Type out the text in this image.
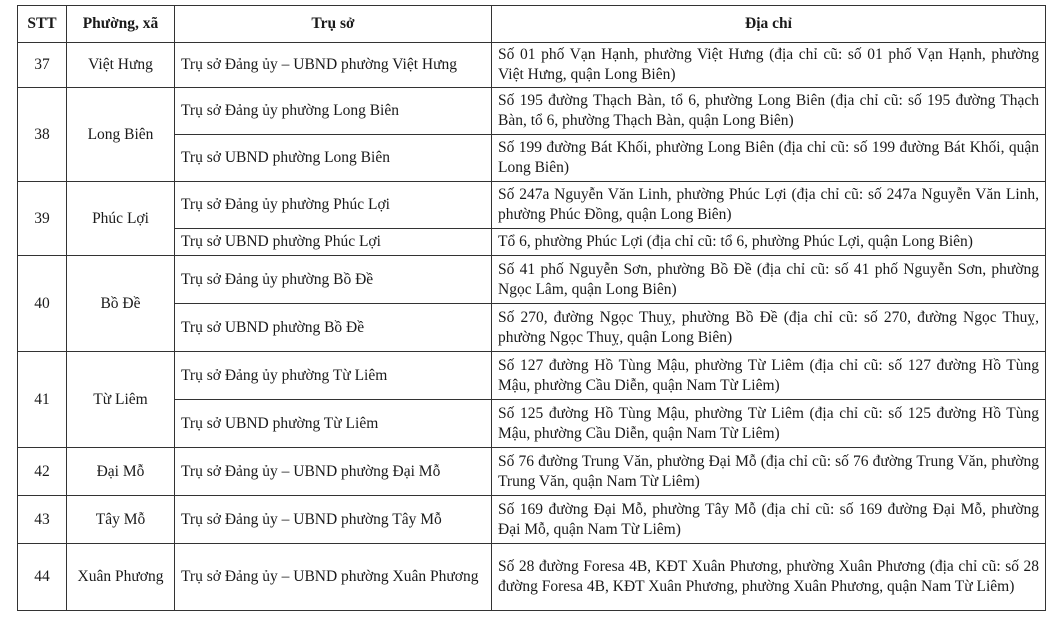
STT	Phường, xã	Trụ sở	Địa chỉ
37	Việt Hưng	Trụ sở Đảng ủy – UBND phường Việt Hưng	Số 01 phố Vạn Hạnh, phường Việt Hưng (địa chỉ cũ: số 01 phố Vạn Hạnh, phường Việt Hưng, quận Long Biên)
38	Long Biên	Trụ sở Đảng ủy phường Long Biên	Số 195 đường Thạch Bàn, tổ 6, phường Long Biên (địa chỉ cũ: số 195 đường Thạch Bàn, tổ 6, phường Thạch Bàn, quận Long Biên)
		Trụ sở UBND phường Long Biên	Số 199 đường Bát Khối, phường Long Biên (địa chỉ cũ: số 199 đường Bát Khối, quận Long Biên)
39	Phúc Lợi	Trụ sở Đảng ủy phường Phúc Lợi	Số 247a Nguyễn Văn Linh, phường Phúc Lợi (địa chỉ cũ: số 247a Nguyễn Văn Linh, phường Phúc Đồng, quận Long Biên)
		Trụ sở UBND phường Phúc Lợi	Tổ 6, phường Phúc Lợi (địa chỉ cũ: tổ 6, phường Phúc Lợi, quận Long Biên)
40	Bồ Đề	Trụ sở Đảng ủy phường Bồ Đề	Số 41 phố Nguyễn Sơn, phường Bồ Đề (địa chỉ cũ: số 41 phố Nguyễn Sơn, phường Ngọc Lâm, quận Long Biên)
		Trụ sở UBND phường Bồ Đề	Số 270, đường Ngọc Thuỵ, phường Bồ Đề (địa chỉ cũ: số 270, đường Ngọc Thuỵ, phường Ngọc Thuỵ, quận Long Biên)
41	Từ Liêm	Trụ sở Đảng ủy phường Từ Liêm	Số 127 đường Hồ Tùng Mậu, phường Từ Liêm (địa chỉ cũ: số 127 đường Hồ Tùng Mậu, phường Cầu Diễn, quận Nam Từ Liêm)
		Trụ sở UBND phường Từ Liêm	Số 125 đường Hồ Tùng Mậu, phường Từ Liêm (địa chỉ cũ: số 125 đường Hồ Tùng Mậu, phường Cầu Diễn, quận Nam Từ Liêm)
42	Đại Mỗ	Trụ sở Đảng ủy – UBND phường Đại Mỗ	Số 76 đường Trung Văn, phường Đại Mỗ (địa chỉ cũ: số 76 đường Trung Văn, phường Trung Văn, quận Nam Từ Liêm)
43	Tây Mỗ	Trụ sở Đảng ủy – UBND phường Tây Mỗ	Số 169 đường Đại Mỗ, phường Tây Mỗ (địa chỉ cũ: số 169 đường Đại Mỗ, phường Đại Mỗ, quận Nam Từ Liêm)
44	Xuân Phương	Trụ sở Đảng ủy – UBND phường Xuân Phương	Số 28 đường Foresa 4B, KĐT Xuân Phương, phường Xuân Phương (địa chỉ cũ: số 28 đường Foresa 4B, KĐT Xuân Phương, phường Xuân Phương, quận Nam Từ Liêm)
